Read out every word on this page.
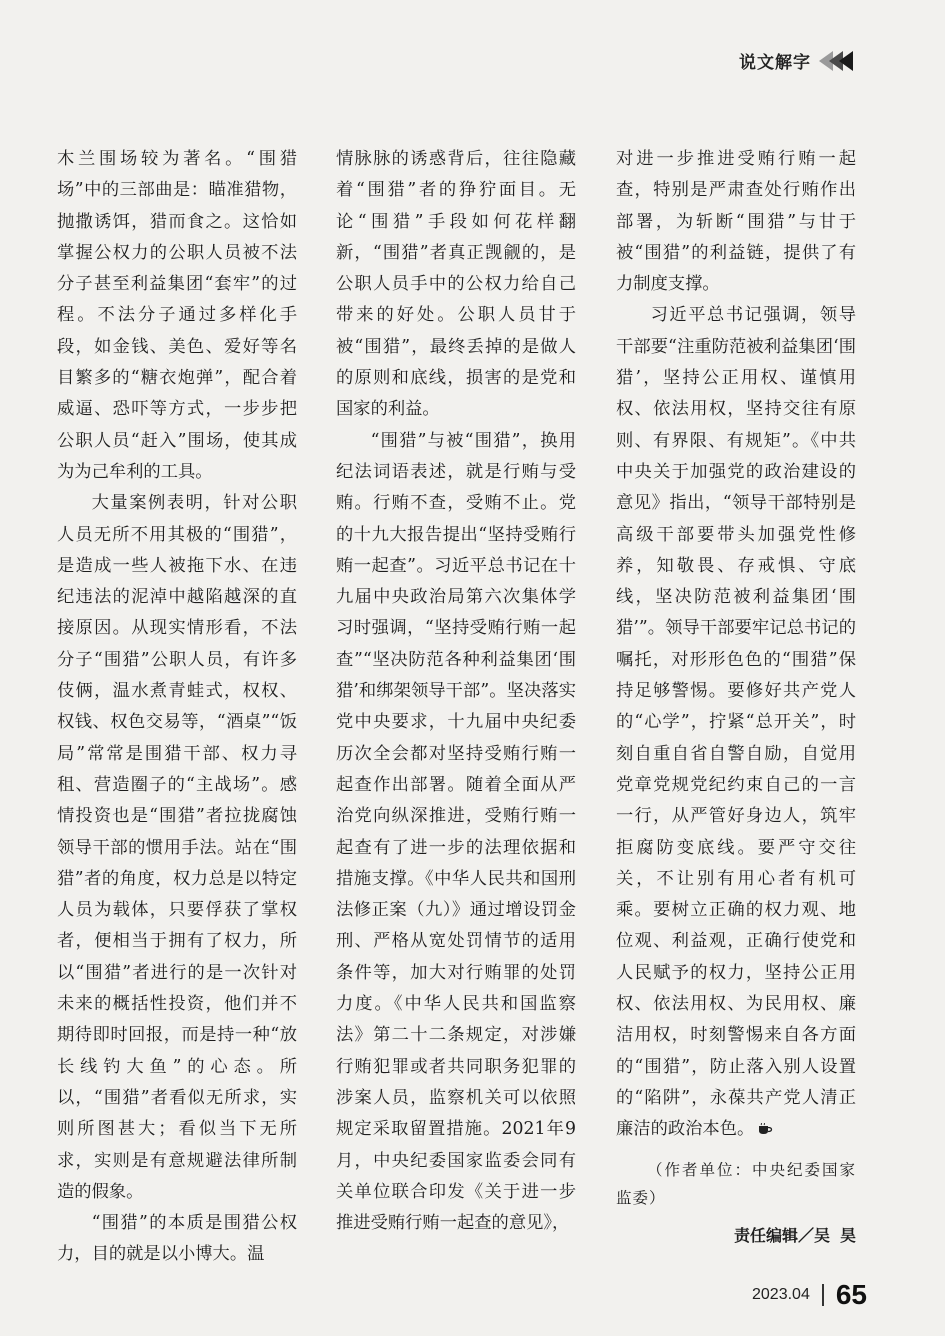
说文解字

木兰围场较为著名。“围猎场”中的三部曲是：瞄准猎物，抛撒诱饵，猎而食之。这恰如掌握公权力的公职人员被不法分子甚至利益集团“套牢”的过程。不法分子通过多样化手段，如金钱、美色、爱好等名目繁多的“糖衣炮弹”，配合着威逼、恐吓等方式，一步步把公职人员“赶入”围场，使其成为为己牟利的工具。

大量案例表明，针对公职人员无所不用其极的“围猎”，是造成一些人被拖下水、在违纪违法的泥淖中越陷越深的直接原因。从现实情形看，不法分子“围猎”公职人员，有许多伎俩，温水煮青蛙式，权权、权钱、权色交易等，“酒桌”“饭局”常常是围猎干部、权力寻租、营造圈子的“主战场”。感情投资也是“围猎”者拉拢腐蚀领导干部的惯用手法。站在“围猎”者的角度，权力总是以特定人员为载体，只要俘获了掌权者，便相当于拥有了权力，所以“围猎”者进行的是一次针对未来的概括性投资，他们并不期待即时回报，而是持一种“放长线钓大鱼”的心态。所以，“围猎”者看似无所求，实则所图甚大；看似当下无所求，实则是有意规避法律所制造的假象。

“围猎”的本质是围猎公权力，目的就是以小博大。温

情脉脉的诱惑背后，往往隐藏着“围猎”者的狰狞面目。无论“围猎”手段如何花样翻新，“围猎”者真正觊觎的，是公职人员手中的公权力给自己带来的好处。公职人员甘于被“围猎”，最终丢掉的是做人的原则和底线，损害的是党和国家的利益。

“围猎”与被“围猎”，换用纪法词语表述，就是行贿与受贿。行贿不查，受贿不止。党的十九大报告提出“坚持受贿行贿一起查”。习近平总书记在十九届中央政治局第六次集体学习时强调，“坚持受贿行贿一起查”“坚决防范各种利益集团‘围猎’和绑架领导干部”。坚决落实党中央要求，十九届中央纪委历次全会都对坚持受贿行贿一起查作出部署。随着全面从严治党向纵深推进，受贿行贿一起查有了进一步的法理依据和措施支撑。《中华人民共和国刑法修正案（九）》通过增设罚金刑、严格从宽处罚情节的适用条件等，加大对行贿罪的处罚力度。《中华人民共和国监察法》第二十二条规定，对涉嫌行贿犯罪或者共同职务犯罪的涉案人员，监察机关可以依照规定采取留置措施。2021年9月，中央纪委国家监委会同有关单位联合印发《关于进一步推进受贿行贿一起查的意见》，

对进一步推进受贿行贿一起查，特别是严肃查处行贿作出部署，为斩断“围猎”与甘于被“围猎”的利益链，提供了有力制度支撑。

习近平总书记强调，领导干部要“注重防范被利益集团‘围猎’，坚持公正用权、谨慎用权、依法用权，坚持交往有原则、有界限、有规矩”。《中共中央关于加强党的政治建设的意见》指出，“领导干部特别是高级干部要带头加强党性修养，知敬畏、存戒惧、守底线，坚决防范被利益集团‘围猎’”。领导干部要牢记总书记的嘱托，对形形色色的“围猎”保持足够警惕。要修好共产党人的“心学”，拧紧“总开关”，时刻自重自省自警自励，自觉用党章党规党纪约束自己的一言一行，从严管好身边人，筑牢拒腐防变底线。要严守交往关，不让别有用心者有机可乘。要树立正确的权力观、地位观、利益观，正确行使党和人民赋予的权力，坚持公正用权、依法用权、为民用权、廉洁用权，时刻警惕来自各方面的“围猎”，防止落入别人设置的“陷阱”，永葆共产党人清正廉洁的政治本色。

（作者单位：中央纪委国家监委）

责任编辑／吴昊
2023.04 65
